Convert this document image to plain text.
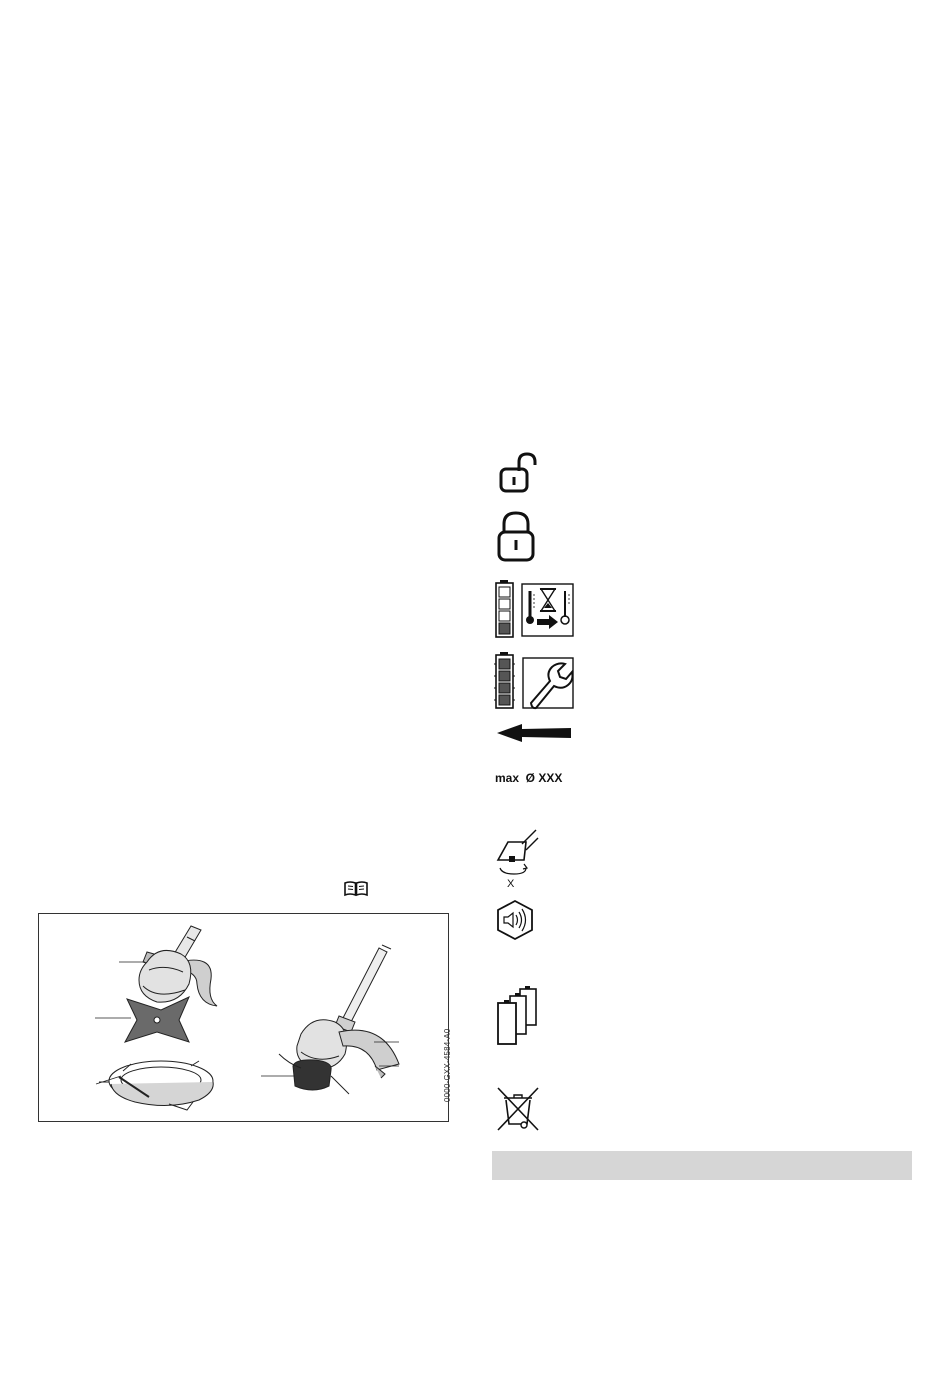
0000-GXX-4584-A0
max  Ø XXX
X
